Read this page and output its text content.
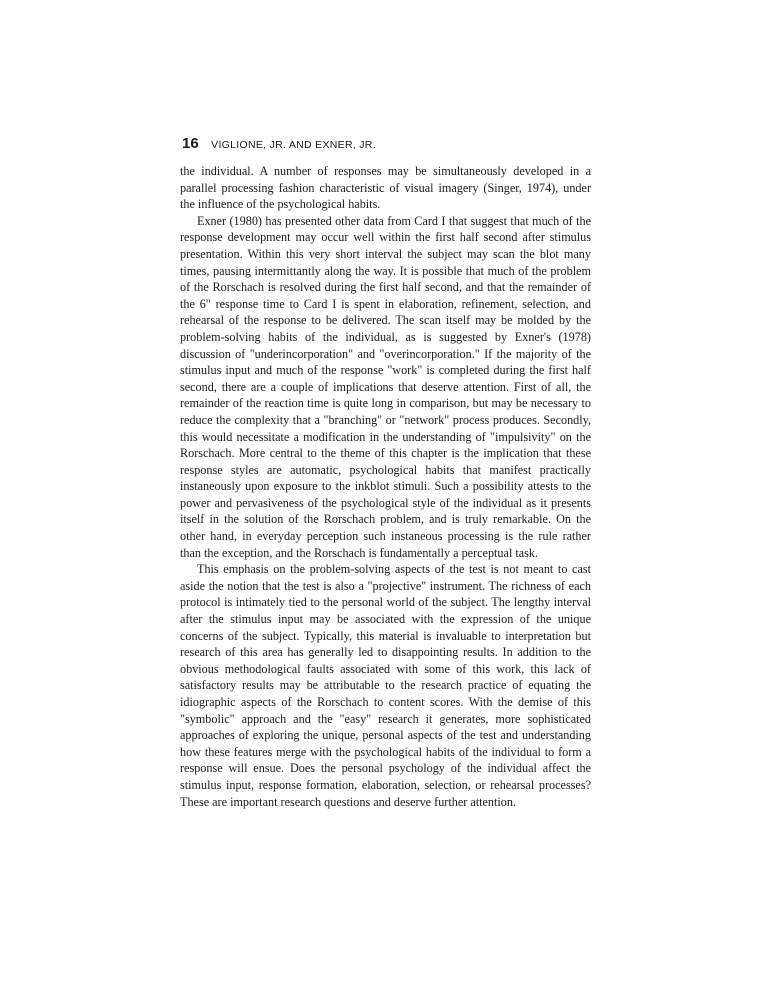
16 VIGLIONE, JR. AND EXNER, JR.

the individual. A number of responses may be simultaneously developed in a parallel processing fashion characteristic of visual imagery (Singer, 1974), under the influence of the psychological habits.

Exner (1980) has presented other data from Card I that suggest that much of the response development may occur well within the first half second after stimulus presentation. Within this very short interval the subject may scan the blot many times, pausing intermittantly along the way. It is possible that much of the problem of the Rorschach is resolved during the first half second, and that the remainder of the 6" response time to Card I is spent in elaboration, refinement, selection, and rehearsal of the response to be delivered. The scan itself may be molded by the problem-solving habits of the individual, as is suggested by Exner's (1978) discussion of "underincorporation" and "overincorporation." If the majority of the stimulus input and much of the response "work" is completed during the first half second, there are a couple of implications that deserve attention. First of all, the remainder of the reaction time is quite long in comparison, but may be necessary to reduce the complexity that a "branching" or "network" process produces. Secondly, this would necessitate a modification in the understanding of "impulsivity" on the Rorschach. More central to the theme of this chapter is the implication that these response styles are automatic, psychological habits that manifest practically instaneously upon exposure to the inkblot stimuli. Such a possibility attests to the power and pervasiveness of the psychological style of the individual as it presents itself in the solution of the Rorschach problem, and is truly remarkable. On the other hand, in everyday perception such instaneous processing is the rule rather than the exception, and the Rorschach is fundamentally a perceptual task.

This emphasis on the problem-solving aspects of the test is not meant to cast aside the notion that the test is also a "projective" instrument. The richness of each protocol is intimately tied to the personal world of the subject. The lengthy interval after the stimulus input may be associated with the expression of the unique concerns of the subject. Typically, this material is invaluable to interpretation but research of this area has generally led to disappointing results. In addition to the obvious methodological faults associated with some of this work, this lack of satisfactory results may be attributable to the research practice of equating the idiographic aspects of the Rorschach to content scores. With the demise of this "symbolic" approach and the "easy" research it generates, more sophisticated approaches of exploring the unique, personal aspects of the test and understanding how these features merge with the psychological habits of the individual to form a response will ensue. Does the personal psychology of the individual affect the stimulus input, response formation, elaboration, selection, or rehearsal processes? These are important research questions and deserve further attention.
